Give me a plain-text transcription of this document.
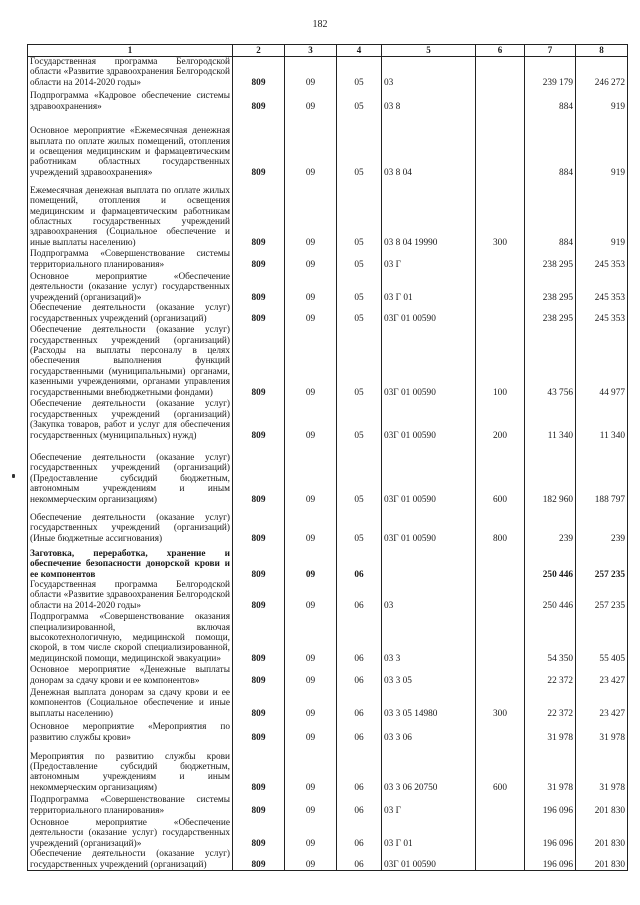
182
1	2	3	4	5	6	7	8
Государственная программа Белгородской области «Развитие здравоохранения Белгородской области на 2014-2020 годы»	809	09	05	03		239 179	246 272
Подпрограмма «Кадровое обеспечение системы здравоохранения»	809	09	05	03 8		884	919
Основное мероприятие «Ежемесячная денежная выплата по оплате жилых помещений, отопления и освещения медицинским и фармацевтическим работникам областных государственных учреждений здравоохранения»	809	09	05	03 8 04		884	919
Ежемесячная денежная выплата по оплате жилых помещений, отопления и освещения медицинским и фармацевтическим работникам областных государственных учреждений здравоохранения (Социальное обеспечение и иные выплаты населению)	809	09	05	03 8 04 19990	300	884	919
Подпрограмма «Совершенствование системы территориального планирования»	809	09	05	03 Г		238 295	245 353
Основное мероприятие «Обеспечение деятельности (оказание услуг) государственных учреждений (организаций)»	809	09	05	03 Г 01		238 295	245 353
Обеспечение деятельности (оказание услуг) государственных учреждений (организаций)	809	09	05	03Г 01 00590		238 295	245 353
Обеспечение деятельности (оказание услуг) государственных учреждений (организаций) (Расходы на выплаты персоналу в целях обеспечения выполнения функций государственными (муниципальными) органами, казенными учреждениями, органами управления государственными внебюджетными фондами)	809	09	05	03Г 01 00590	100	43 756	44 977
Обеспечение деятельности (оказание услуг) государственных учреждений (организаций) (Закупка товаров, работ и услуг для обеспечения государственных (муниципальных) нужд)	809	09	05	03Г 01 00590	200	11 340	11 340
Обеспечение деятельности (оказание услуг) государственных учреждений (организаций) (Предоставление субсидий бюджетным, автономным учреждениям и иным некоммерческим организациям)	809	09	05	03Г 01 00590	600	182 960	188 797
Обеспечение деятельности (оказание услуг) государственных учреждений (организаций) (Иные бюджетные ассигнования)	809	09	05	03Г 01 00590	800	239	239
Заготовка, переработка, хранение и обеспечение безопасности донорской крови и ее компонентов	809	09	06			250 446	257 235
Государственная программа Белгородской области «Развитие здравоохранения Белгородской области на 2014-2020 годы»	809	09	06	03		250 446	257 235
Подпрограмма «Совершенствование оказания специализированной, включая высокотехнологичную, медицинской помощи, скорой, в том числе скорой специализированной, медицинской помощи, медицинской эвакуации»	809	09	06	03 3		54 350	55 405
Основное мероприятие «Денежные выплаты донорам за сдачу крови и ее компонентов»	809	09	06	03 3 05		22 372	23 427
Денежная выплата донорам за сдачу крови и ее компонентов (Социальное обеспечение и иные выплаты населению)	809	09	06	03 3 05 14980	300	22 372	23 427
Основное мероприятие «Мероприятия по развитию службы крови»	809	09	06	03 3 06		31 978	31 978
Мероприятия по развитию службы крови (Предоставление субсидий бюджетным, автономным учреждениям и иным некоммерческим организациям)	809	09	06	03 3 06 20750	600	31 978	31 978
Подпрограмма «Совершенствование системы территориального планирования»	809	09	06	03 Г		196 096	201 830
Основное мероприятие «Обеспечение деятельности (оказание услуг) государственных учреждений (организаций)»	809	09	06	03 Г 01		196 096	201 830
Обеспечение деятельности (оказание услуг) государственных учреждений (организаций)	809	09	06	03Г 01 00590		196 096	201 830
